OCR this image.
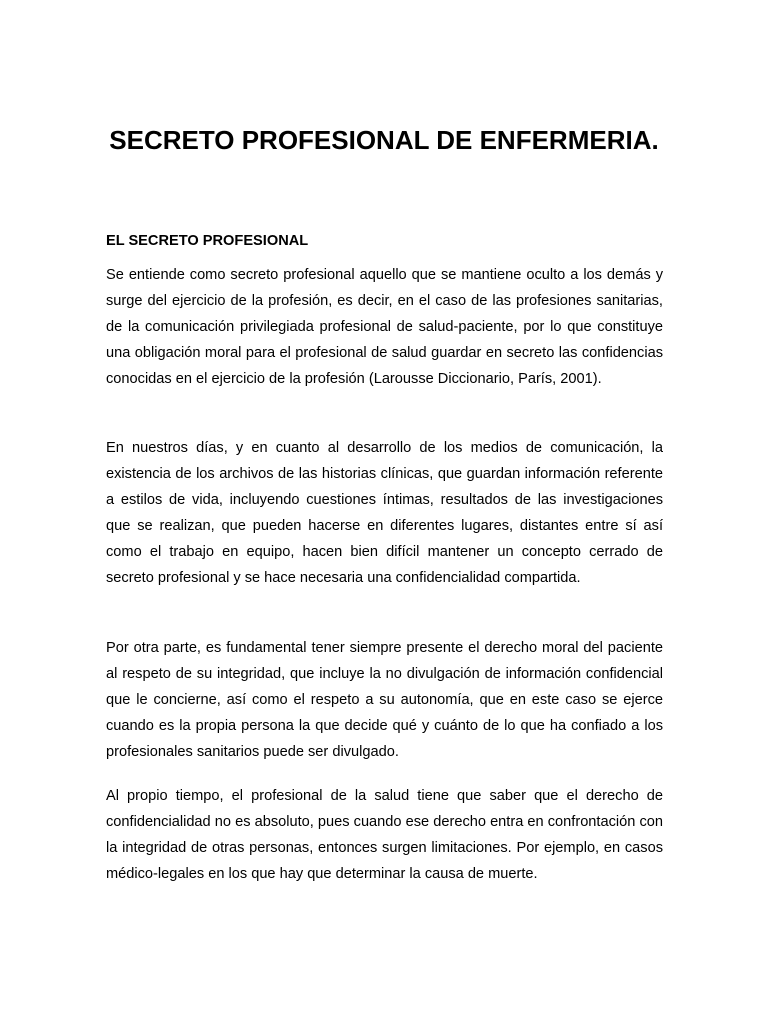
SECRETO PROFESIONAL DE ENFERMERIA.
EL SECRETO PROFESIONAL

Se entiende como secreto profesional aquello que se mantiene oculto a los demás y surge del ejercicio de la profesión, es decir, en el caso de las profesiones sanitarias, de la comunicación privilegiada profesional de salud-paciente, por lo que constituye una obligación moral para el profesional de salud guardar en secreto las confidencias conocidas en el ejercicio de la profesión (Larousse Diccionario, París, 2001).

En nuestros días, y en cuanto al desarrollo de los medios de comunicación, la existencia de los archivos de las historias clínicas, que guardan información referente a estilos de vida, incluyendo cuestiones íntimas, resultados de las investigaciones que se realizan, que pueden hacerse en diferentes lugares, distantes entre sí así como el trabajo en equipo, hacen bien difícil mantener un concepto cerrado de secreto profesional y se hace necesaria una confidencialidad compartida.

Por otra parte, es fundamental tener siempre presente el derecho moral del paciente al respeto de su integridad, que incluye la no divulgación de información confidencial que le concierne, así como el respeto a su autonomía, que en este caso se ejerce cuando es la propia persona la que decide qué y cuánto de lo que ha confiado a los profesionales sanitarios puede ser divulgado.

Al propio tiempo, el profesional de la salud tiene que saber que el derecho de confidencialidad no es absoluto, pues cuando ese derecho entra en confrontación con la integridad de otras personas, entonces surgen limitaciones. Por ejemplo, en casos médico-legales en los que hay que determinar la causa de muerte.
